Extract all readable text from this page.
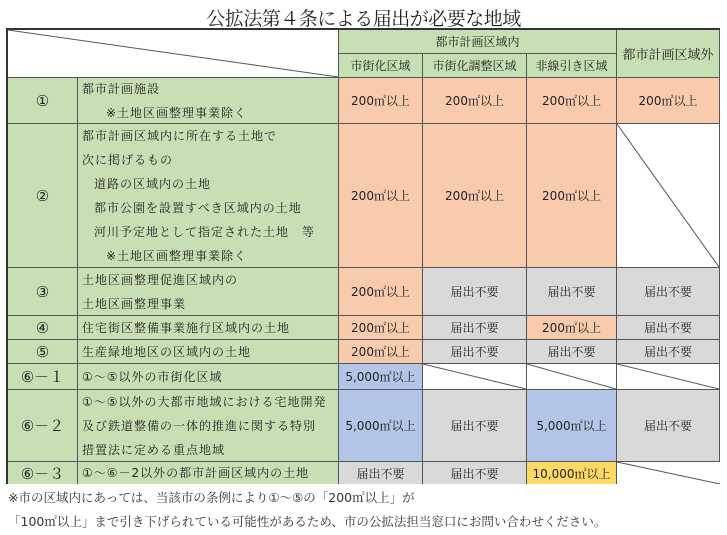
公拡法第４条による届出が必要な地域
都市計画区域内
都市計画区域外
市街化区域	市街化調整区域	非線引き区域
①
都市計画施設
※土地区画整理事業除く
200㎡以上	200㎡以上	200㎡以上	200㎡以上
②
都市計画区域内に所在する土地で
次に掲げるもの
道路の区域内の土地
都市公園を設置すべき区域内の土地
河川予定地として指定された土地　等
※土地区画整理事業除く
200㎡以上	200㎡以上	200㎡以上
③
土地区画整理促進区域内の
土地区画整理事業
200㎡以上	届出不要	届出不要	届出不要
④	住宅街区整備事業施行区域内の土地	200㎡以上	届出不要	200㎡以上	届出不要
⑤	生産緑地地区の区域内の土地	200㎡以上	届出不要	届出不要	届出不要
⑥－１	①～⑤以外の市街化区域	5,000㎡以上
⑥－２
①～⑤以外の大都市地域における宅地開発
及び鉄道整備の一体的推進に関する特別
措置法に定める重点地域
5,000㎡以上	届出不要	5,000㎡以上	届出不要
⑥－３	①～⑥－2以外の都市計画区域内の土地	届出不要	届出不要	10,000㎡以上
※市の区域内にあっては、当該市の条例により①～⑤の「200㎡以上」が
「100㎡以上」まで引き下げられている可能性があるため、市の公拡法担当窓口にお問い合わせください。
